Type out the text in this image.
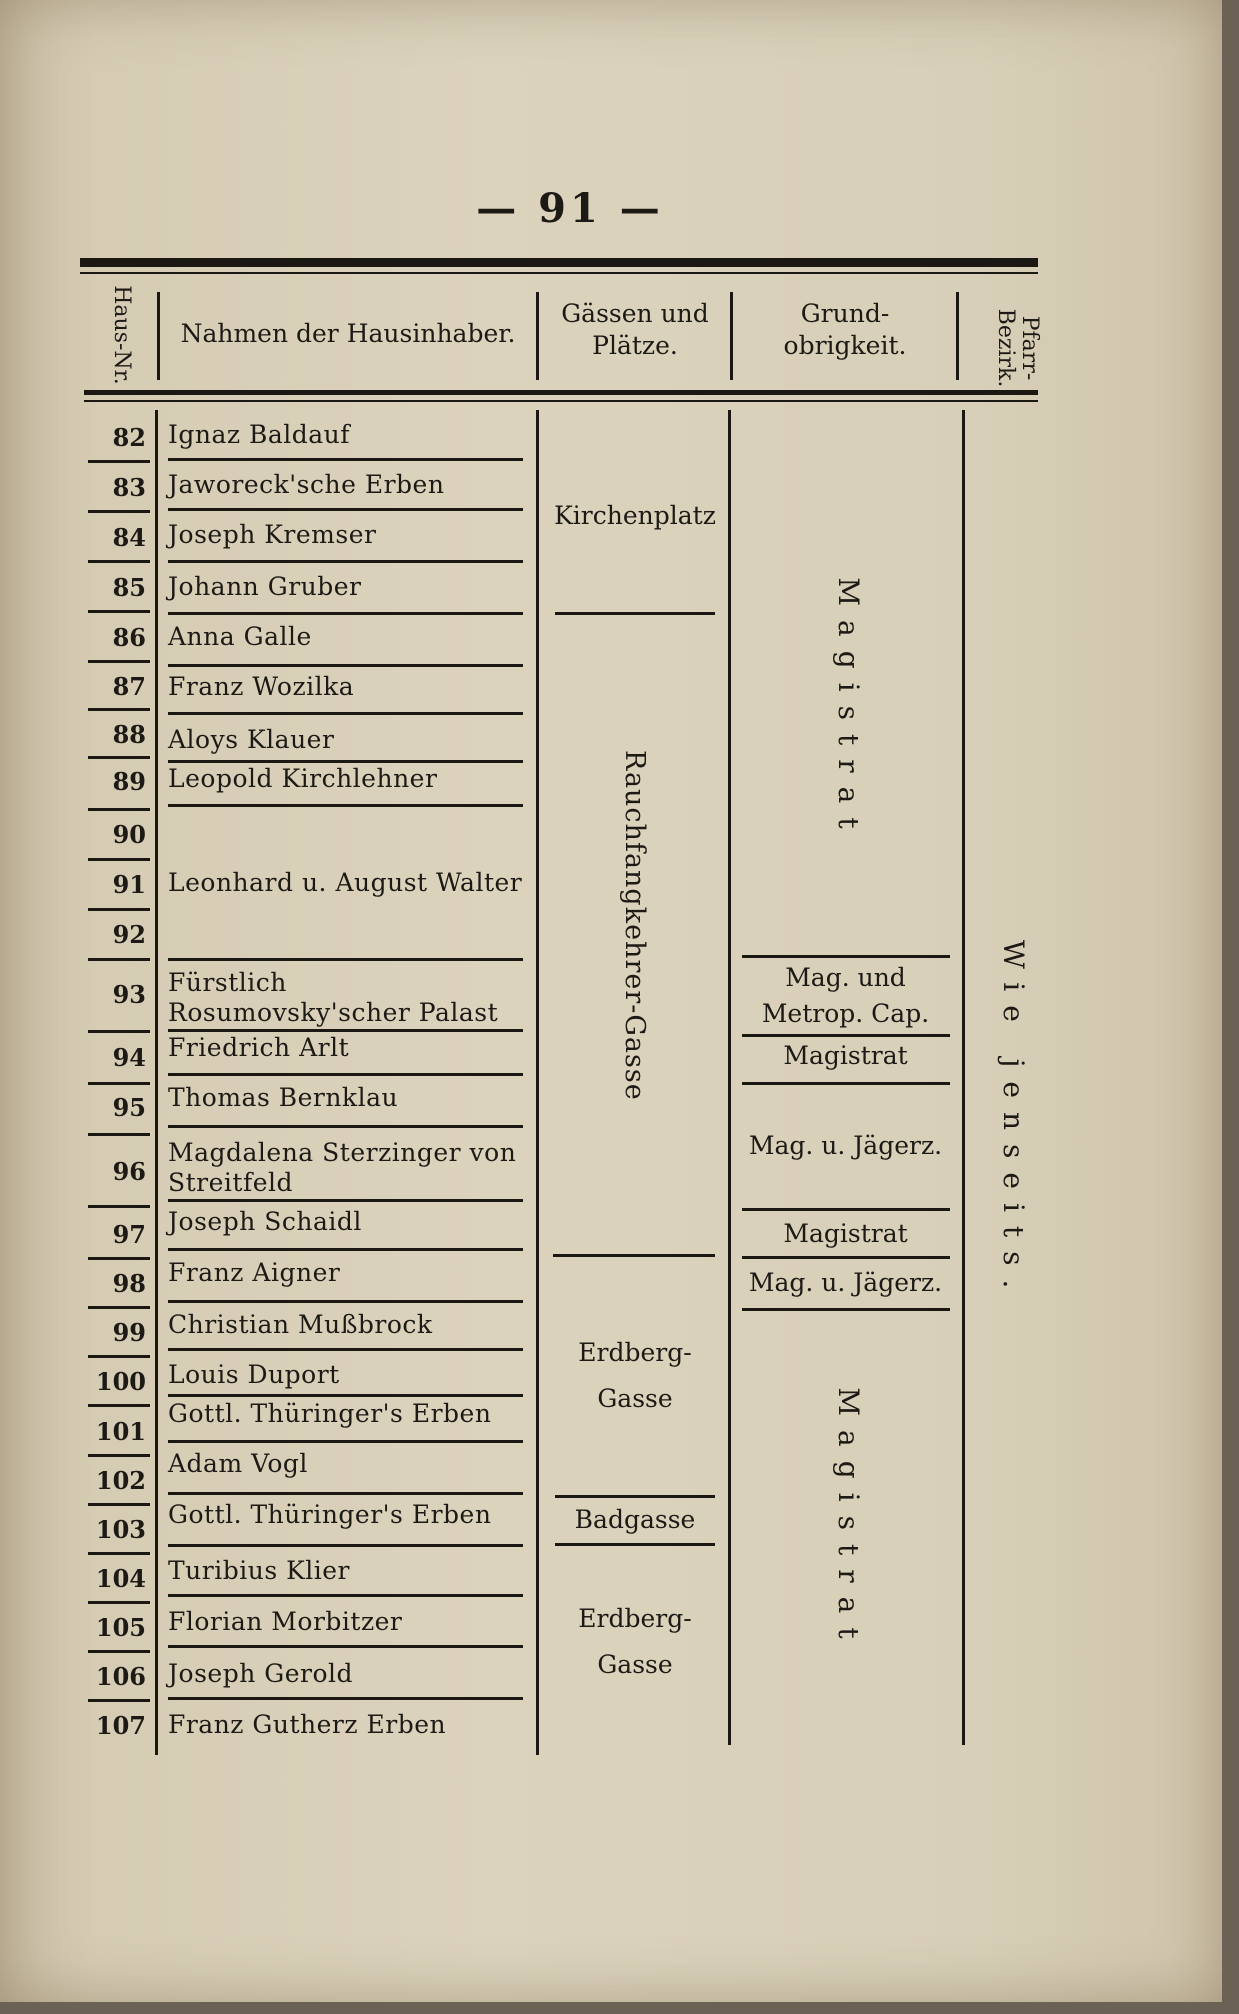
— 91 —
Haus-Nr.	Nahmen der Hausinhaber.
Gässen und Plätze.
Grund-obrigkeit.	Pfarr-Bezirk.
82
83
84
85
86
87
88
89
90
91
92
93
94
95
96
97
98
99
100
101
102
103
104
105
106
107
Ignaz Baldauf
Jaworeck'sche Erben
Joseph Kremser
Johann Gruber
Anna Galle
Franz Wozilka
Aloys Klauer
Leopold Kirchlehner
Leonhard u. August Walter
Fürstlich Rosumovsky'scher Palast
Friedrich Arlt
Thomas Bernklau
Magdalena Sterzinger von Streitfeld
Joseph Schaidl
Franz Aigner
Christian Mußbrock
Louis Duport
Gottl. Thüringer's Erben
Adam Vogl
Gottl. Thüringer's Erben
Turibius Klier
Florian Morbitzer
Joseph Gerold
Franz Gutherz Erben
Kirchenplatz
Rauchfangkehrer-Gasse
Erdberg-Gasse
Badgasse
Erdberg-Gasse
Magistrat
Mag. und Metrop. Cap.
Magistrat
Mag. u. Jägerz.
Magistrat
Mag. u. Jägerz.
Magistrat
Wie jenseits.
